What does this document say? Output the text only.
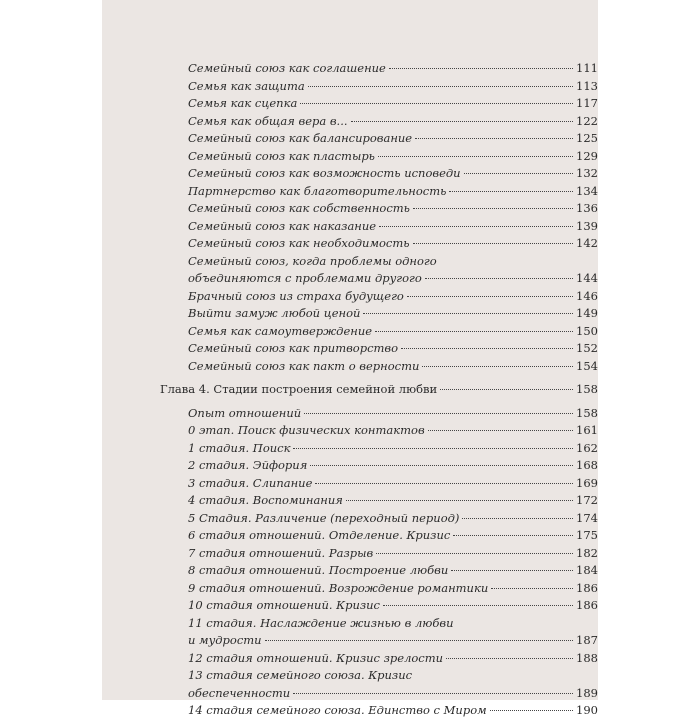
Семейный союз как соглашение	111
Семья как защита	113
Семья как сцепка	117
Семья как общая вера в...	122
Семейный союз как балансирование	125
Семейный союз как пластырь	129
Семейный союз как возможность исповеди	132
Партнерство как благотворительность	134
Семейный союз как собственность	136
Семейный союз как наказание	139
Семейный союз как необходимость	142
Семейный союз, когда проблемы одного
объединяются с проблемами другого	144
Брачный союз из страха будущего	146
Выйти замуж любой ценой	149
Семья как самоутверждение	150
Семейный союз как притворство	152
Семейный союз как пакт о верности	154
Глава 4. Стадии построения семейной любви	158
Опыт отношений	158
0 этап. Поиск физических контактов	161
1 стадия. Поиск	162
2 стадия. Эйфория	168
3 стадия. Слипание	169
4 стадия. Воспоминания	172
5 Стадия. Различение (переходный период)	174
6 стадия отношений. Отделение. Кризис	175
7 стадия отношений. Разрыв	182
8 стадия отношений. Построение любви	184
9 стадия отношений. Возрождение романтики	186
10 стадия отношений. Кризис	186
11 стадия. Наслаждение жизнью в любви
и мудрости	187
12 стадия отношений. Кризис зрелости	188
13 стадия семейного союза. Кризис
обеспеченности	189
14 стадия семейного союза. Единство с Миром	190
